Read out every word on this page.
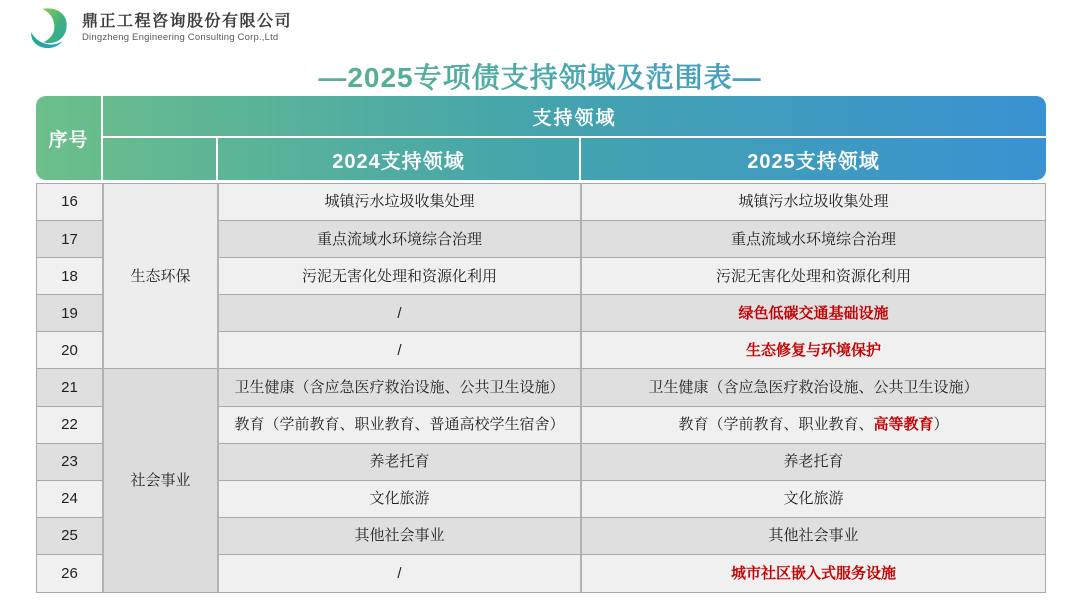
鼎正工程咨询股份有限公司
Dingzheng Engineering Consulting Corp.,Ltd
—2025专项债支持领域及范围表—
序号
支持领域
2024支持领域	2025支持领域
生态环保
16	城镇污水垃圾收集处理	城镇污水垃圾收集处理
17	重点流域水环境综合治理	重点流域水环境综合治理
18	污泥无害化处理和资源化利用	污泥无害化处理和资源化利用
19	/	绿色低碳交通基础设施
20	/	生态修复与环境保护
社会事业
21	卫生健康（含应急医疗救治设施、公共卫生设施）	卫生健康（含应急医疗救治设施、公共卫生设施）
22	教育（学前教育、职业教育、普通高校学生宿舍）	教育（学前教育、职业教育、 高等教育 ）
23	养老托育	养老托育
24	文化旅游	文化旅游
25	其他社会事业	其他社会事业
26	/	城市社区嵌入式服务设施
